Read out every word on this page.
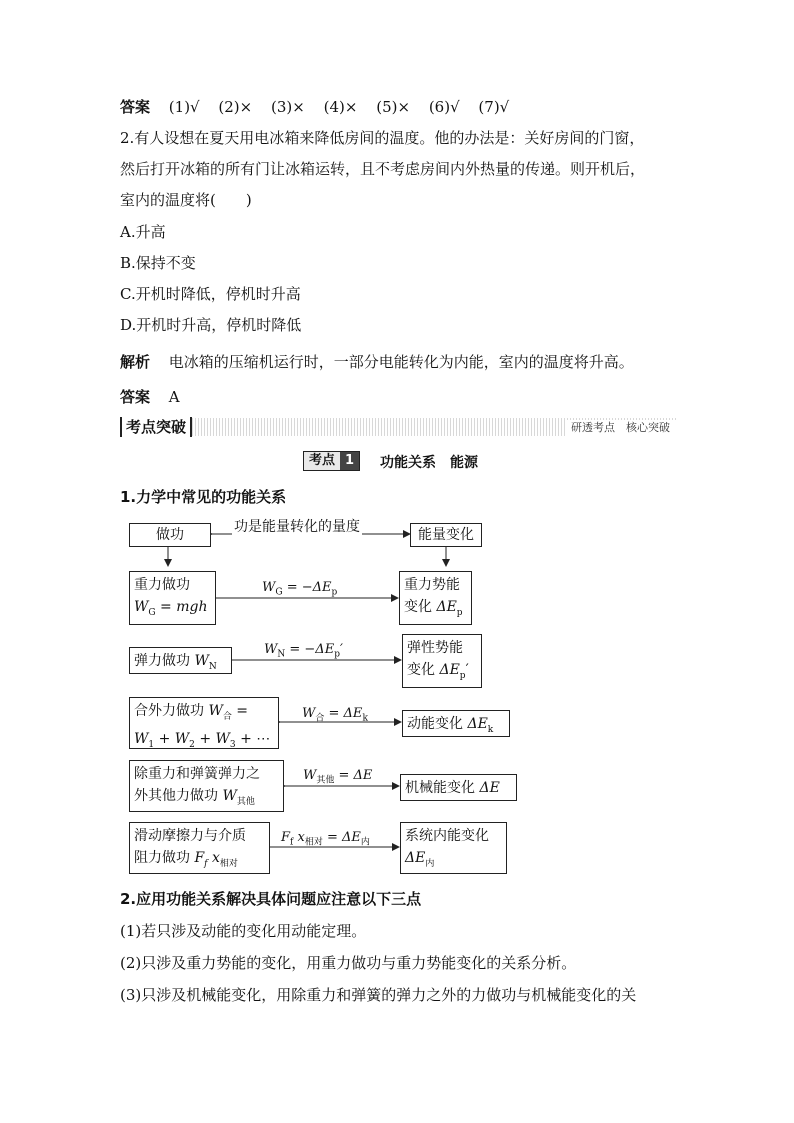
答案 (1)√ (2)× (3)× (4)× (5)× (6)√ (7)√
2.有人设想在夏天用电冰箱来降低房间的温度。他的办法是：关好房间的门窗，
然后打开冰箱的所有门让冰箱运转，且不考虑房间内外热量的传递。则开机后，
室内的温度将(　　)
A.升高
B.保持不变
C.开机时降低，停机时升高
D.开机时升高，停机时降低
解析 电冰箱的压缩机运行时，一部分电能转化为内能，室内的温度将升高。
答案 A
考点突破	研透考点　核心突破
考点 1	功能关系　能源
1.力学中常见的功能关系
做功	功是能量转化的量度	能量变化
重力做功
$W_G$ = mgh
$W_G = -\Delta E_p$	重力势能
变化 $\Delta E_p$
弹力做功 $W_N$
$W_N = -\Delta E_p'$	弹性势能
变化 $\Delta E_p'$
合外力做功 $W_合$ =
$W_1 + W_2 + W_3$ + ⋯
$W_合 = \Delta E_k$	动能变化 $\Delta E_k$
除重力和弹簧弹力之
外其他力做功 $W_{其他}$
$W_{其他} = \Delta E$
机械能变化 ΔE
滑动摩擦力与介质
阻力做功 $F_f$ $x_{相对}$
$F_f$ $x_{相对} = \Delta E_内$	系统内能变化
$\Delta E_内$
2.应用功能关系解决具体问题应注意以下三点
(1)若只涉及动能的变化用动能定理。
(2)只涉及重力势能的变化，用重力做功与重力势能变化的关系分析。
(3)只涉及机械能变化，用除重力和弹簧的弹力之外的力做功与机械能变化的关
